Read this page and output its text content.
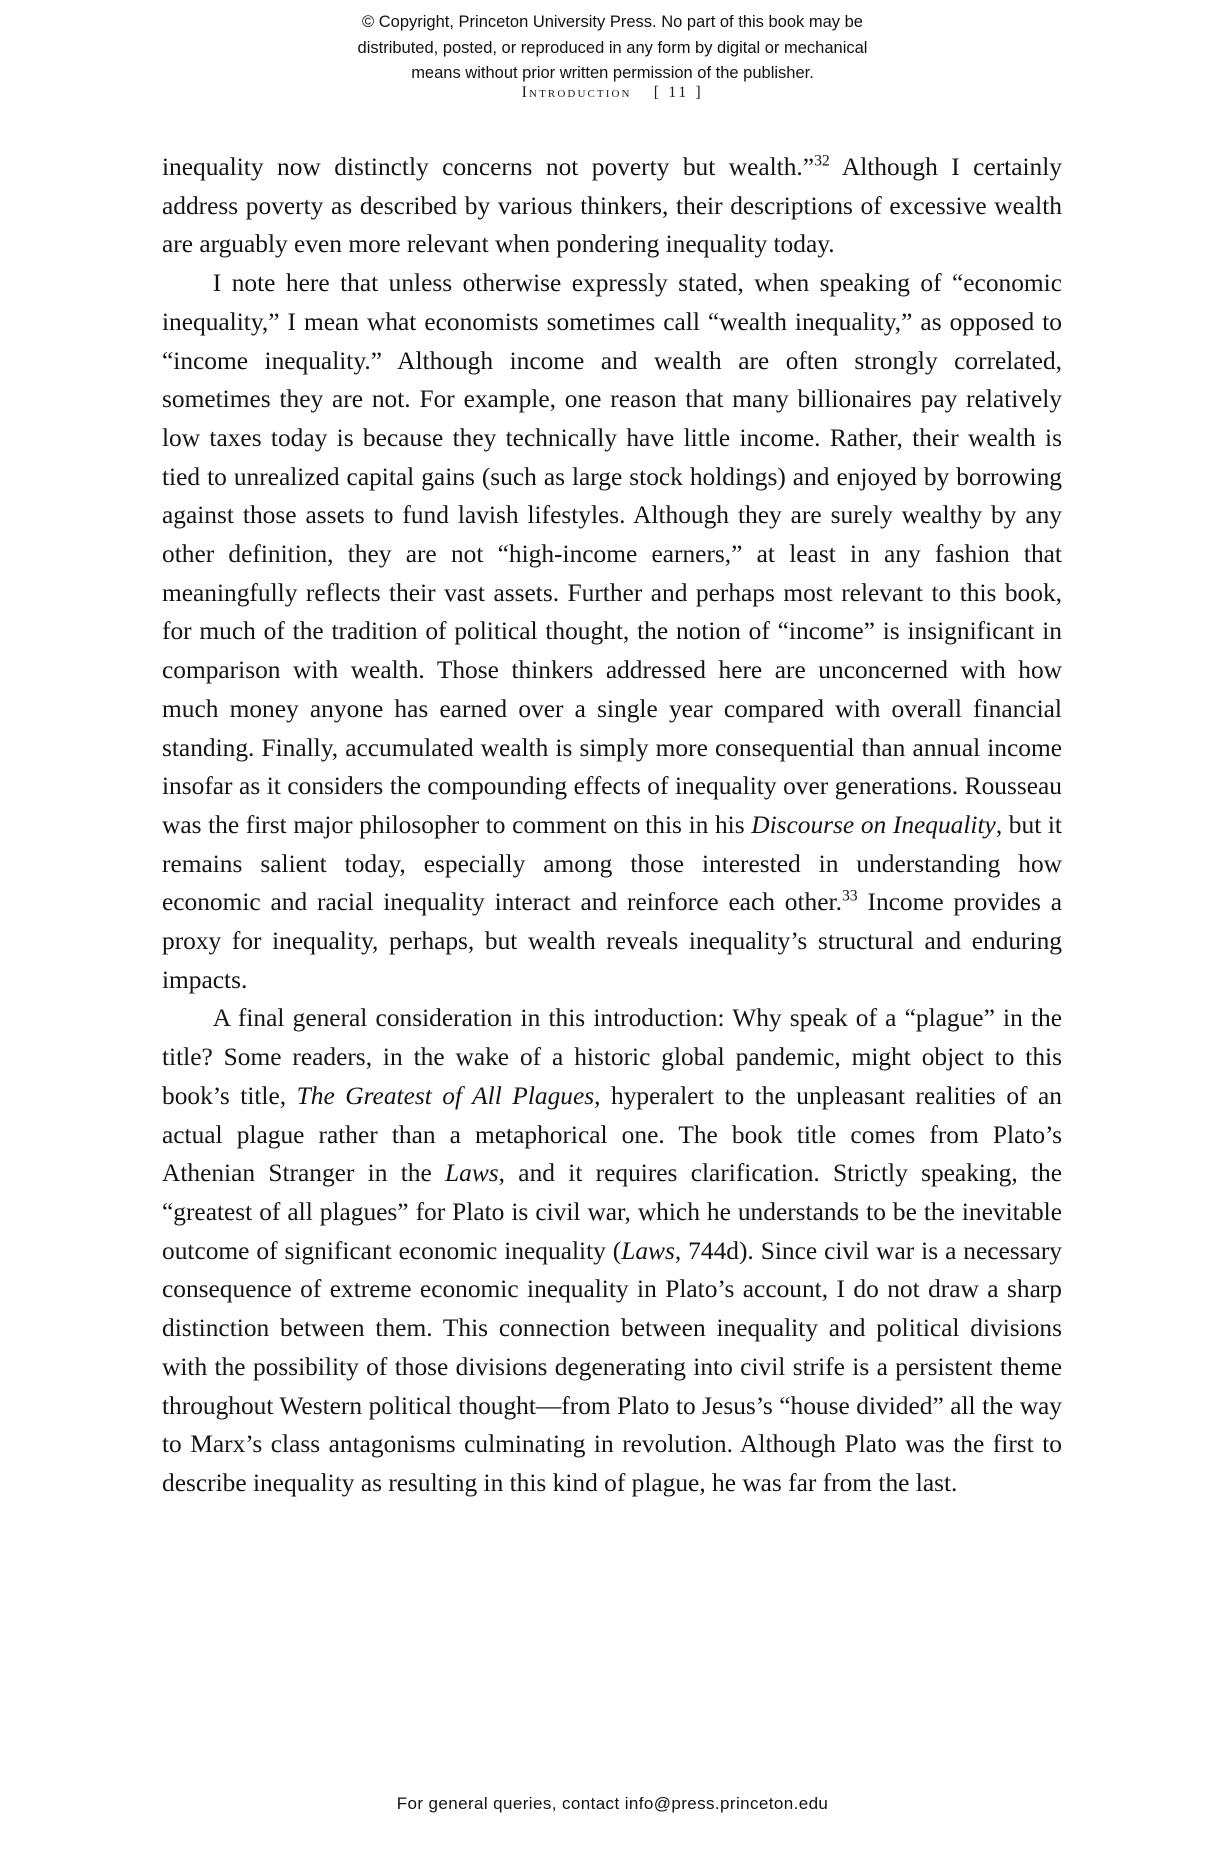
© Copyright, Princeton University Press. No part of this book may be
distributed, posted, or reproduced in any form by digital or mechanical
means without prior written permission of the publisher.
Introduction [ 11 ]

inequality now distinctly concerns not poverty but wealth.”$^{32}$ Although I certainly address poverty as described by various thinkers, their descriptions of excessive wealth are arguably even more relevant when pondering inequality today.

I note here that unless otherwise expressly stated, when speaking of “economic inequality,” I mean what economists sometimes call “wealth inequality,” as opposed to “income inequality.” Although income and wealth are often strongly correlated, sometimes they are not. For example, one reason that many billionaires pay relatively low taxes today is because they technically have little income. Rather, their wealth is tied to unrealized capital gains (such as large stock holdings) and enjoyed by borrowing against those assets to fund lavish lifestyles. Although they are surely wealthy by any other definition, they are not “high-income earners,” at least in any fashion that meaningfully reflects their vast assets. Further and perhaps most relevant to this book, for much of the tradition of political thought, the notion of “income” is insignificant in comparison with wealth. Those thinkers addressed here are unconcerned with how much money anyone has earned over a single year compared with overall financial standing. Finally, accumulated wealth is simply more consequential than annual income insofar as it considers the compounding effects of inequality over generations. Rousseau was the first major philosopher to comment on this in his Discourse on Inequality, but it remains salient today, especially among those interested in understanding how economic and racial inequality interact and reinforce each other.$^{33}$ Income provides a proxy for inequality, perhaps, but wealth reveals inequality’s structural and enduring impacts.

A final general consideration in this introduction: Why speak of a “plague” in the title? Some readers, in the wake of a historic global pandemic, might object to this book’s title, The Greatest of All Plagues, hyperalert to the unpleasant realities of an actual plague rather than a metaphorical one. The book title comes from Plato’s Athenian Stranger in the Laws, and it requires clarification. Strictly speaking, the “greatest of all plagues” for Plato is civil war, which he understands to be the inevitable outcome of significant economic inequality (Laws, 744d). Since civil war is a necessary consequence of extreme economic inequality in Plato’s account, I do not draw a sharp distinction between them. This connection between inequality and political divisions with the possibility of those divisions degenerating into civil strife is a persistent theme throughout Western political thought—from Plato to Jesus’s “house divided” all the way to Marx’s class antagonisms culminating in revolution. Although Plato was the first to describe inequality as resulting in this kind of plague, he was far from the last.

For general queries, contact info@press.princeton.edu
